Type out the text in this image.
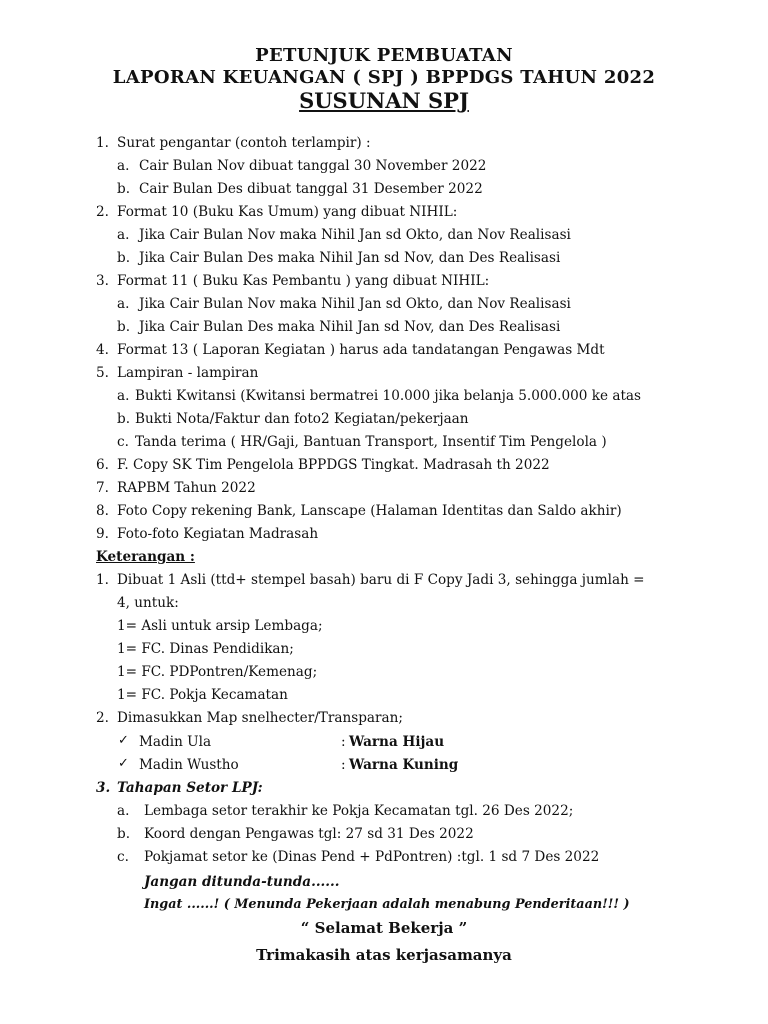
PETUNJUK PEMBUATAN
LAPORAN KEUANGAN ( SPJ ) BPPDGS TAHUN 2022
SUSUNAN SPJ
1. Surat pengantar (contoh terlampir) :
a. Cair Bulan Nov dibuat tanggal 30 November 2022
b. Cair Bulan Des dibuat tanggal 31 Desember 2022
2. Format 10 (Buku Kas Umum) yang dibuat NIHIL:
a. Jika Cair Bulan Nov maka Nihil Jan sd Okto, dan Nov Realisasi
b. Jika Cair Bulan Des maka Nihil Jan sd Nov, dan Des Realisasi
3. Format 11 ( Buku Kas Pembantu ) yang dibuat NIHIL:
a. Jika Cair Bulan Nov maka Nihil Jan sd Okto, dan Nov Realisasi
b. Jika Cair Bulan Des maka Nihil Jan sd Nov, dan Des Realisasi
4. Format 13 ( Laporan Kegiatan ) harus ada tandatangan Pengawas Mdt
5. Lampiran - lampiran
a. Bukti Kwitansi (Kwitansi bermatrei 10.000 jika belanja 5.000.000 ke atas
b. Bukti Nota/Faktur dan foto2 Kegiatan/pekerjaan
c. Tanda terima ( HR/Gaji, Bantuan Transport, Insentif Tim Pengelola )
6. F. Copy SK Tim Pengelola BPPDGS Tingkat. Madrasah th 2022
7. RAPBM Tahun 2022
8. Foto Copy rekening Bank, Lanscape (Halaman Identitas dan Saldo akhir)
9. Foto-foto Kegiatan Madrasah
Keterangan :
1. Dibuat 1 Asli (ttd+ stempel basah) baru di F Copy Jadi 3, sehingga jumlah =
4, untuk:
1= Asli untuk arsip Lembaga;
1= FC. Dinas Pendidikan;
1= FC. PDPontren/Kemenag;
1= FC. Pokja Kecamatan
2. Dimasukkan Map snelhecter/Transparan;
✓ Madin Ula	: Warna Hijau
✓ Madin Wustho	: Warna Kuning
3. Tahapan Setor LPJ:
a. Lembaga setor terakhir ke Pokja Kecamatan tgl. 26 Des 2022;
b. Koord dengan Pengawas tgl: 27 sd 31 Des 2022
c. Pokjamat setor ke (Dinas Pend + PdPontren) :tgl. 1 sd 7 Des 2022
Jangan ditunda-tunda......
Ingat ......! ( Menunda Pekerjaan adalah menabung Penderitaan!!! )
“ Selamat Bekerja ”
Trimakasih atas kerjasamanya
